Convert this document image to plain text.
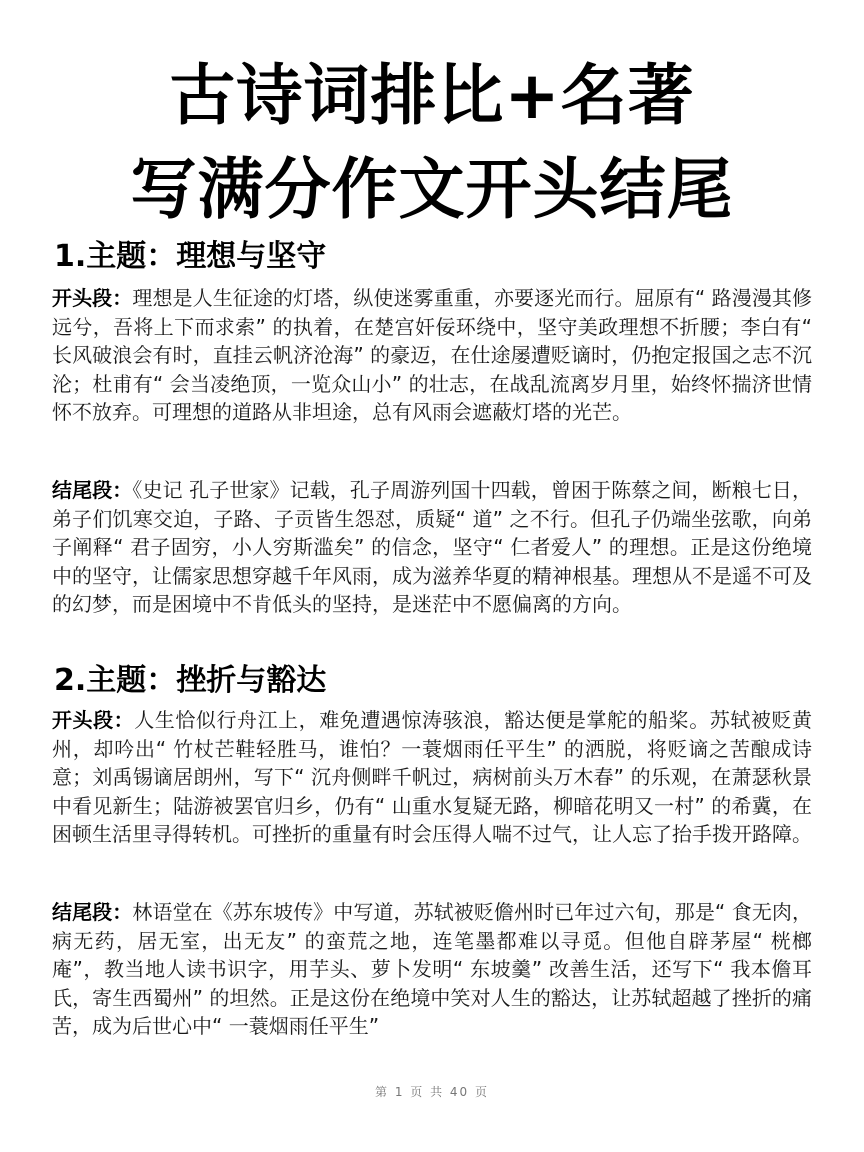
古诗词排比+名著
写满分作文开头结尾
1.主题：理想与坚守
开头段：理想是人生征途的灯塔，纵使迷雾重重，亦要逐光而行。屈原有“ 路漫漫其修远兮，吾将上下而求索” 的执着，在楚宫奸佞环绕中，坚守美政理想不折腰；李白有“ 长风破浪会有时，直挂云帆济沧海” 的豪迈，在仕途屡遭贬谪时，仍抱定报国之志不沉沦；杜甫有“ 会当凌绝顶，一览众山小” 的壮志，在战乱流离岁月里，始终怀揣济世情怀不放弃。可理想的道路从非坦途，总有风雨会遮蔽灯塔的光芒。
结尾段：《史记 孔子世家》记载，孔子周游列国十四载，曾困于陈蔡之间，断粮七日，弟子们饥寒交迫，子路、子贡皆生怨怼，质疑“ 道” 之不行。但孔子仍端坐弦歌，向弟子阐释“ 君子固穷，小人穷斯滥矣” 的信念，坚守“ 仁者爱人” 的理想。正是这份绝境中的坚守，让儒家思想穿越千年风雨，成为滋养华夏的精神根基。理想从不是遥不可及的幻梦，而是困境中不肯低头的坚持，是迷茫中不愿偏离的方向。
2.主题：挫折与豁达
开头段：人生恰似行舟江上，难免遭遇惊涛骇浪，豁达便是掌舵的船桨。苏轼被贬黄州，却吟出“ 竹杖芒鞋轻胜马，谁怕？一蓑烟雨任平生” 的洒脱，将贬谪之苦酿成诗意；刘禹锡谪居朗州，写下“ 沉舟侧畔千帆过，病树前头万木春” 的乐观，在萧瑟秋景中看见新生；陆游被罢官归乡，仍有“ 山重水复疑无路，柳暗花明又一村” 的希冀，在困顿生活里寻得转机。可挫折的重量有时会压得人喘不过气，让人忘了抬手拨开路障。
结尾段：林语堂在《苏东坡传》中写道，苏轼被贬儋州时已年过六旬，那是“ 食无肉，病无药，居无室，出无友” 的蛮荒之地，连笔墨都难以寻觅。但他自辟茅屋“ 桄榔庵”，教当地人读书识字，用芋头、萝卜发明“ 东坡羹” 改善生活，还写下“ 我本儋耳氏，寄生西蜀州” 的坦然。正是这份在绝境中笑对人生的豁达，让苏轼超越了挫折的痛苦，成为后世心中“ 一蓑烟雨任平生”
第 1 页 共 40 页
